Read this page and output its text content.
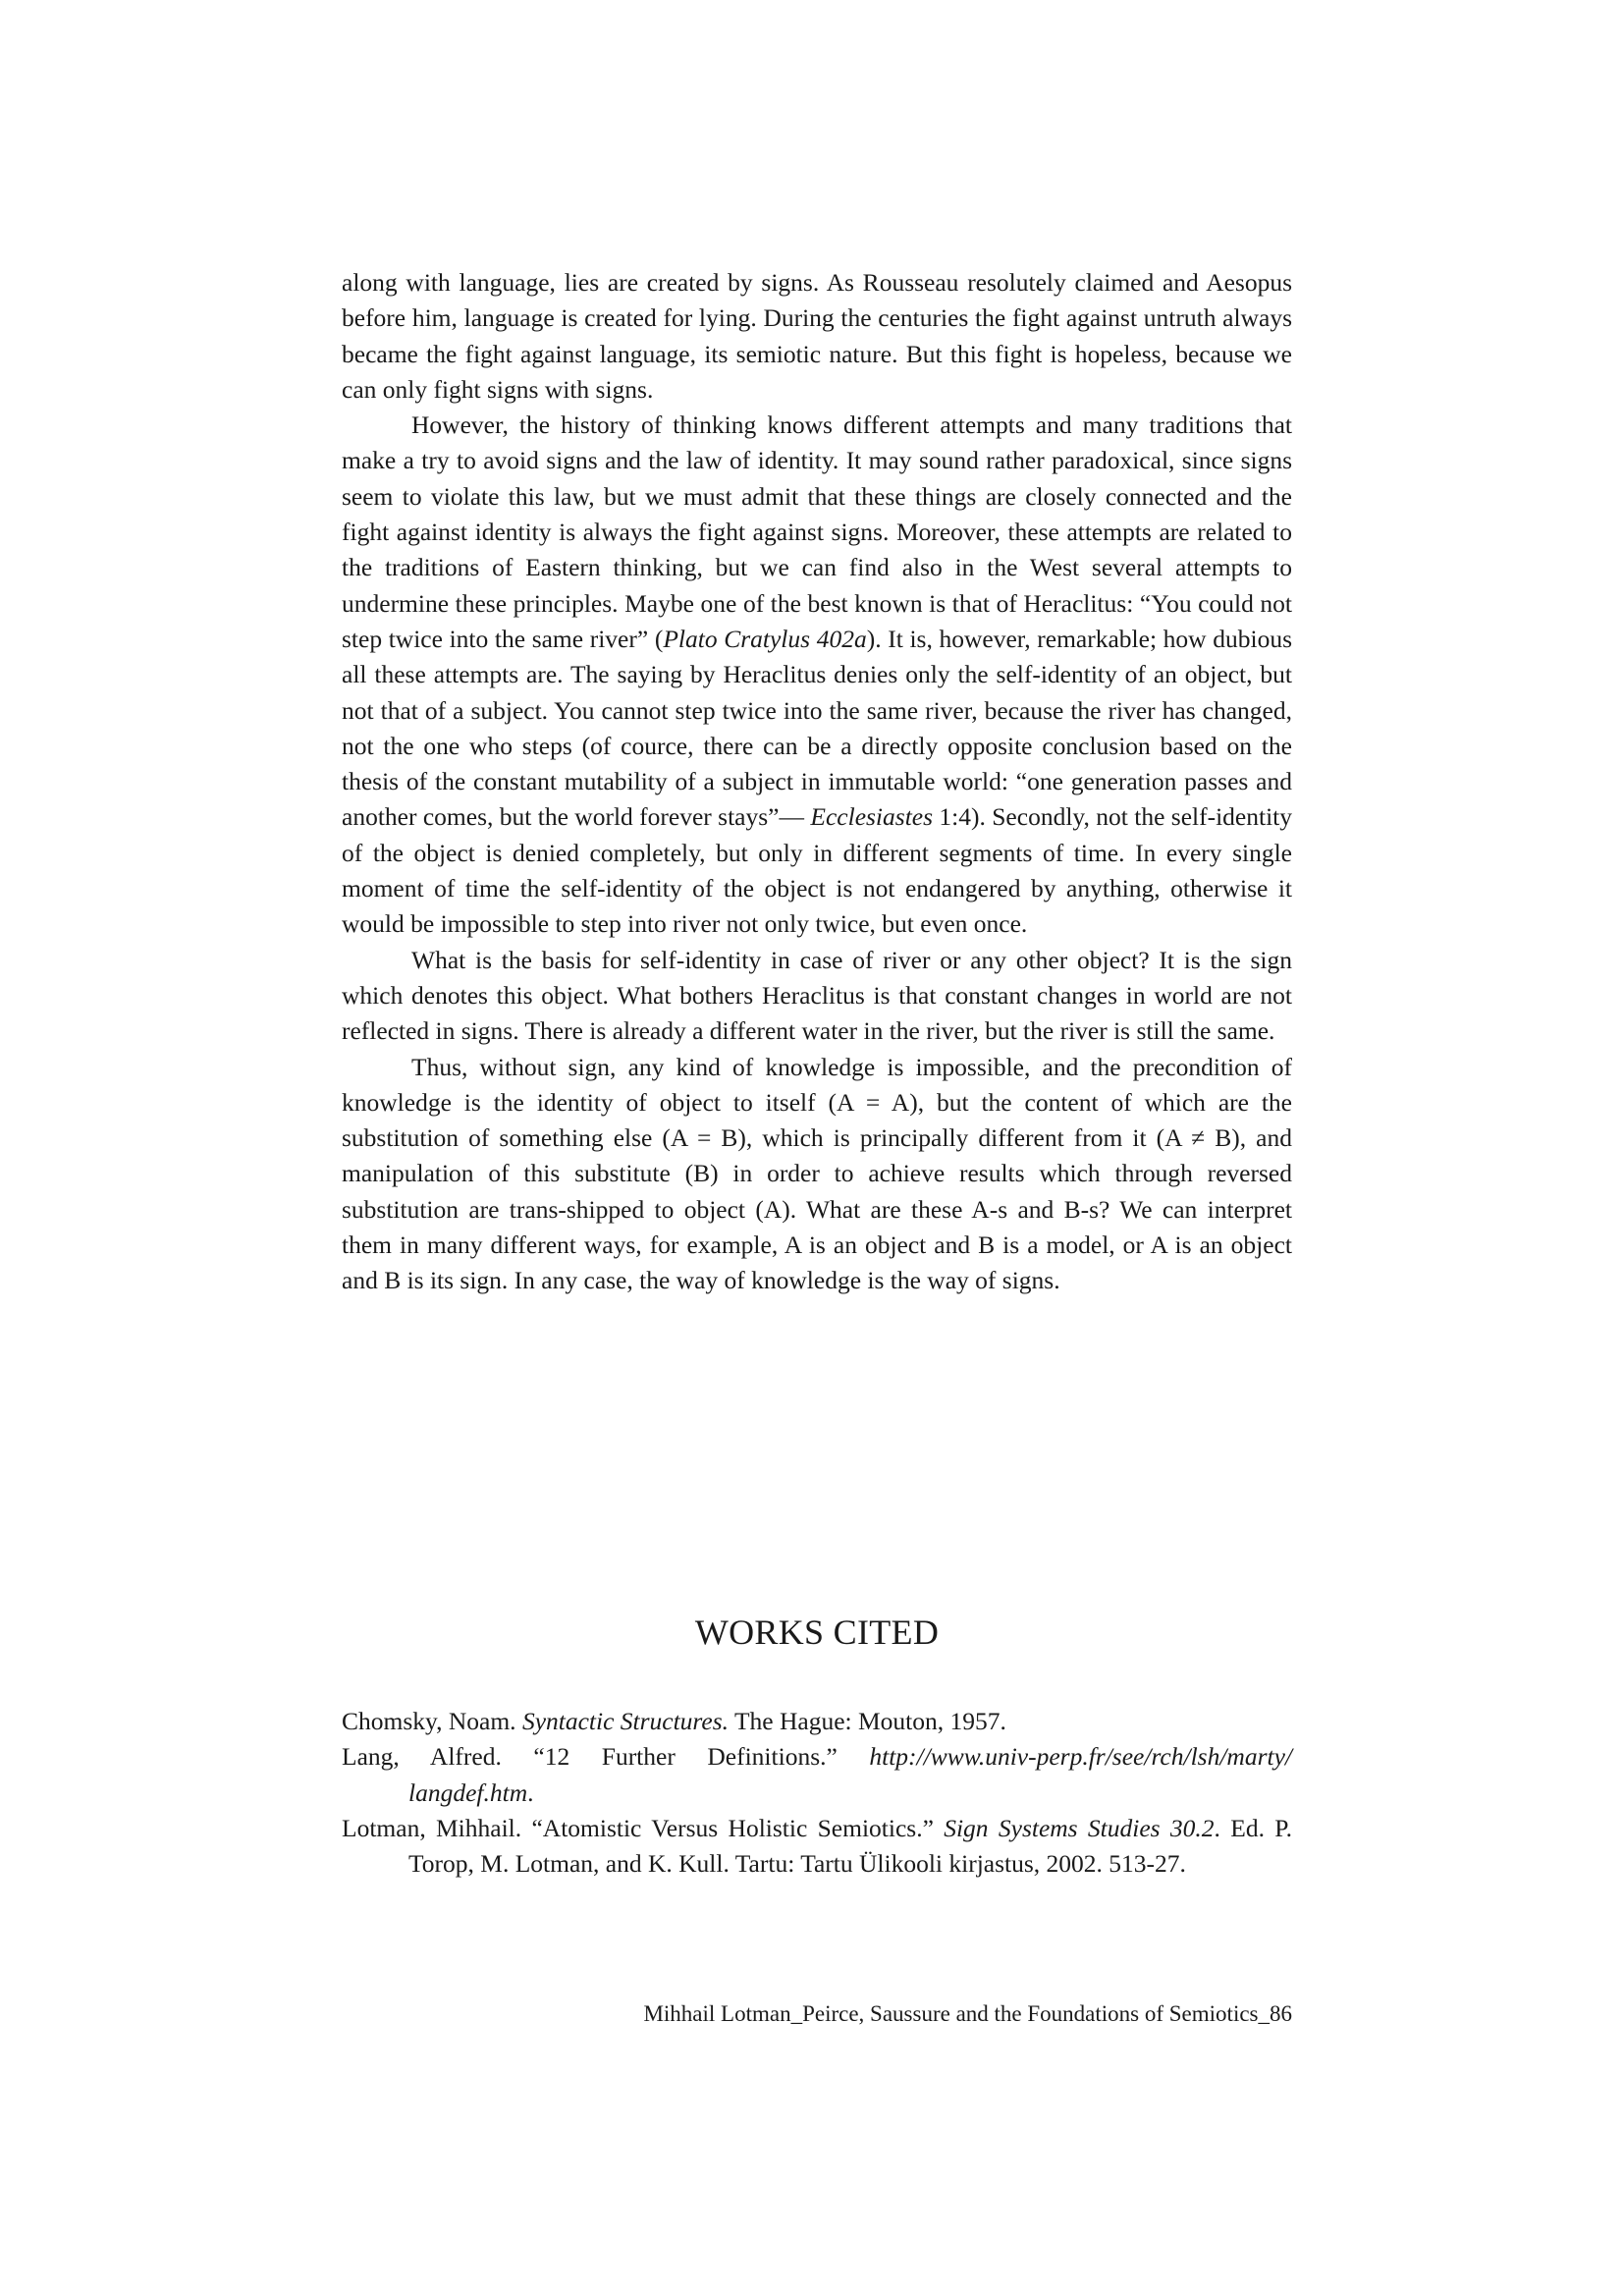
along with language, lies are created by signs. As Rousseau resolutely claimed and Aesopus before him, language is created for lying. During the centuries the fight against untruth always became the fight against language, its semiotic nature. But this fight is hopeless, because we can only fight signs with signs.

However, the history of thinking knows different attempts and many traditions that make a try to avoid signs and the law of identity. It may sound rather paradoxical, since signs seem to violate this law, but we must admit that these things are closely connected and the fight against identity is always the fight against signs. Moreover, these attempts are related to the traditions of Eastern thinking, but we can find also in the West several attempts to undermine these principles. Maybe one of the best known is that of Heraclitus: “You could not step twice into the same river” (Plato Cratylus 402a). It is, however, remarkable; how dubious all these attempts are. The saying by Heraclitus denies only the self-identity of an object, but not that of a subject. You cannot step twice into the same river, because the river has changed, not the one who steps (of cource, there can be a directly opposite conclusion based on the thesis of the constant mutability of a subject in immutable world: “one generation passes and another comes, but the world forever stays”— Ecclesiastes 1:4). Secondly, not the self-identity of the object is denied completely, but only in different segments of time. In every single moment of time the self-identity of the object is not endangered by anything, otherwise it would be impossible to step into river not only twice, but even once.

What is the basis for self-identity in case of river or any other object? It is the sign which denotes this object. What bothers Heraclitus is that constant changes in world are not reflected in signs. There is already a different water in the river, but the river is still the same.

Thus, without sign, any kind of knowledge is impossible, and the precondition of knowledge is the identity of object to itself (A = A), but the content of which are the substitution of something else (A = B), which is principally different from it (A ≠ B), and manipulation of this substitute (B) in order to achieve results which through reversed substitution are trans-shipped to object (A). What are these A-s and B-s? We can interpret them in many different ways, for example, A is an object and B is a model, or A is an object and B is its sign. In any case, the way of knowledge is the way of signs.

WORKS CITED

Chomsky, Noam. Syntactic Structures. The Hague: Mouton, 1957.

Lang, Alfred. “12 Further Definitions.” http://www.univ-perp.fr/see/rch/lsh/marty/ langdef.htm.

Lotman, Mihhail. “Atomistic Versus Holistic Semiotics.” Sign Systems Studies 30.2. Ed. P. Torop, M. Lotman, and K. Kull. Tartu: Tartu Ülikooli kirjastus, 2002. 513-27.

Mihhail Lotman_Peirce, Saussure and the Foundations of Semiotics_86
